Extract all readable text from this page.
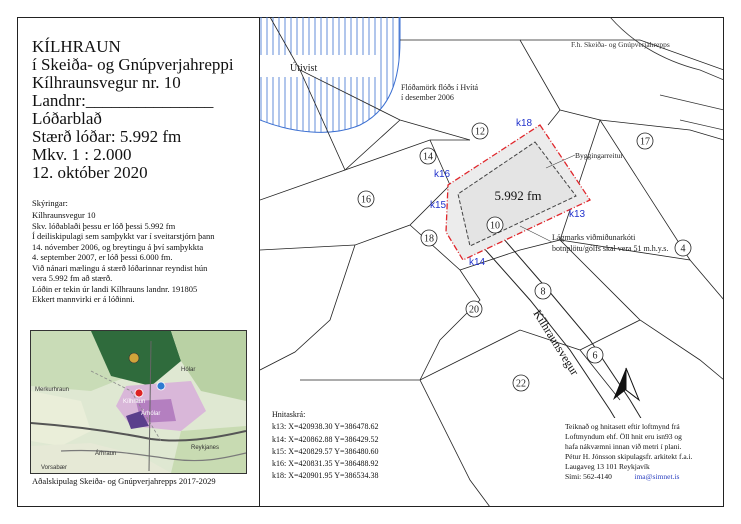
KÍLHRAUN
í Skeiða- og Gnúpverjahreppi
Kílhraunsvegur nr. 10
Landnr:_______________
Lóðarblað
Stærð lóðar: 5.992 fm
Mkv. 1 : 2.000
12. október 2020
Skýringar:
Kílhraunsvegur 10
Skv. lóðablaði þessu er lóð þessi 5.992 fm
Í deiliskipulagi sem samþykkt var í sveitarstjórn þann
14. nóvember 2006, og breytingu á því samþykkta
4. september 2007, er lóð þessi 6.000 fm.
Við nánari mælingu á stærð lóðarinnar reyndist hún
vera 5.992 fm að stærð.
Lóðin er tekin úr landi Kílhrauns landnr. 191805
Ekkert mannvirki er á lóðinni.
Kílhraun
Árhólar
Merkurhraun
Hólar
Reykjanes
Vorsabær
Árhraun
Aðalskipulag Skeiða- og Gnúpverjahrepps 2017-2029
12
14
16
18
10
17
20
8
4
6
22
F.h. Skeiða- og Gnúpverjahrepps
Útivist
Flóðamörk flóðs í Hvítá
í desember 2006
Byggingarreitur
5.992 fm
Lágmarks viðmiðunarkóti
botnplötu/gólfs skal vera 51 m.h.y.s.
Kílhraunsvegur
k18
k16
k15
k13
k14
Hnitaskrá:
k13: X=420938.30 Y=386478.62
k14: X=420862.88 Y=386429.52
k15: X=420829.57 Y=386480.60
k16: X=420831.35 Y=386488.92
k18: X=420901.95 Y=386534.38
Teiknað og hnitasett eftir loftmynd frá
Loftmyndum ehf. Öll hnit eru isn93 og
hafa nákvæmni innan við metri í plani.
Pétur H. Jónsson skipulagsfr. arkitekt f.a.i.
Laugaveg 13 101 Reykjavík
Sími: 562-4140	ima@simnet.is
